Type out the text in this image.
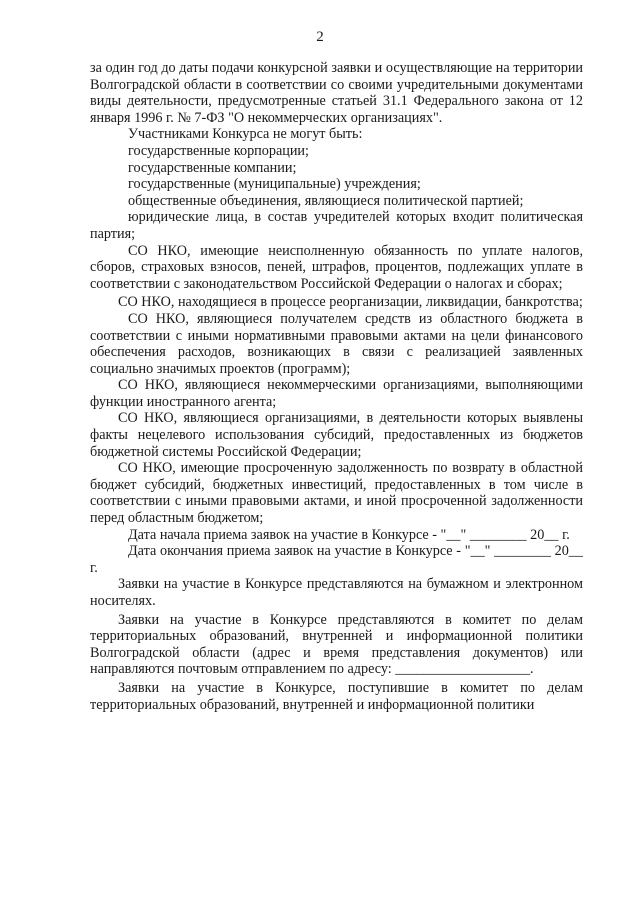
2

за один год до даты подачи конкурсной заявки и осуществляющие на территории Волгоградской области в соответствии со своими учредительными документами виды деятельности, предусмотренные статьей 31.1 Федерального закона от 12 января 1996 г. № 7-ФЗ "О некоммерческих организациях".

Участниками Конкурса не могут быть:

государственные корпорации;

государственные компании;

государственные (муниципальные) учреждения;

общественные объединения, являющиеся политической партией;

юридические лица, в состав учредителей которых входит политическая партия;

СО НКО, имеющие неисполненную обязанность по уплате налогов, сборов, страховых взносов, пеней, штрафов, процентов, подлежащих уплате в соответствии с законодательством Российской Федерации о налогах и сборах;

СО НКО, находящиеся в процессе реорганизации, ликвидации, банкротства;

СО НКО, являющиеся получателем средств из областного бюджета в соответствии с иными нормативными правовыми актами на цели финансового обеспечения расходов, возникающих в связи с реализацией заявленных социально значимых проектов (программ);

СО НКО, являющиеся некоммерческими организациями, выполняющими функции иностранного агента;

СО НКО, являющиеся организациями, в деятельности которых выявлены факты нецелевого использования субсидий, предоставленных из бюджетов бюджетной системы Российской Федерации;

СО НКО, имеющие просроченную задолженность по возврату в областной бюджет субсидий, бюджетных инвестиций, предоставленных в том числе в соответствии с иными правовыми актами, и иной просроченной задолженности перед областным бюджетом;

Дата начала приема заявок на участие в Конкурсе - "__" ________ 20__ г.

Дата окончания приема заявок на участие в Конкурсе - "__" ________ 20__ г.

Заявки на участие в Конкурсе представляются на бумажном и электронном носителях.

Заявки на участие в Конкурсе представляются в комитет по делам территориальных образований, внутренней и информационной политики Волгоградской области (адрес и время представления документов) или направляются почтовым отправлением по адресу: ___________________.

Заявки на участие в Конкурсе, поступившие в комитет по делам территориальных образований, внутренней и информационной политики
